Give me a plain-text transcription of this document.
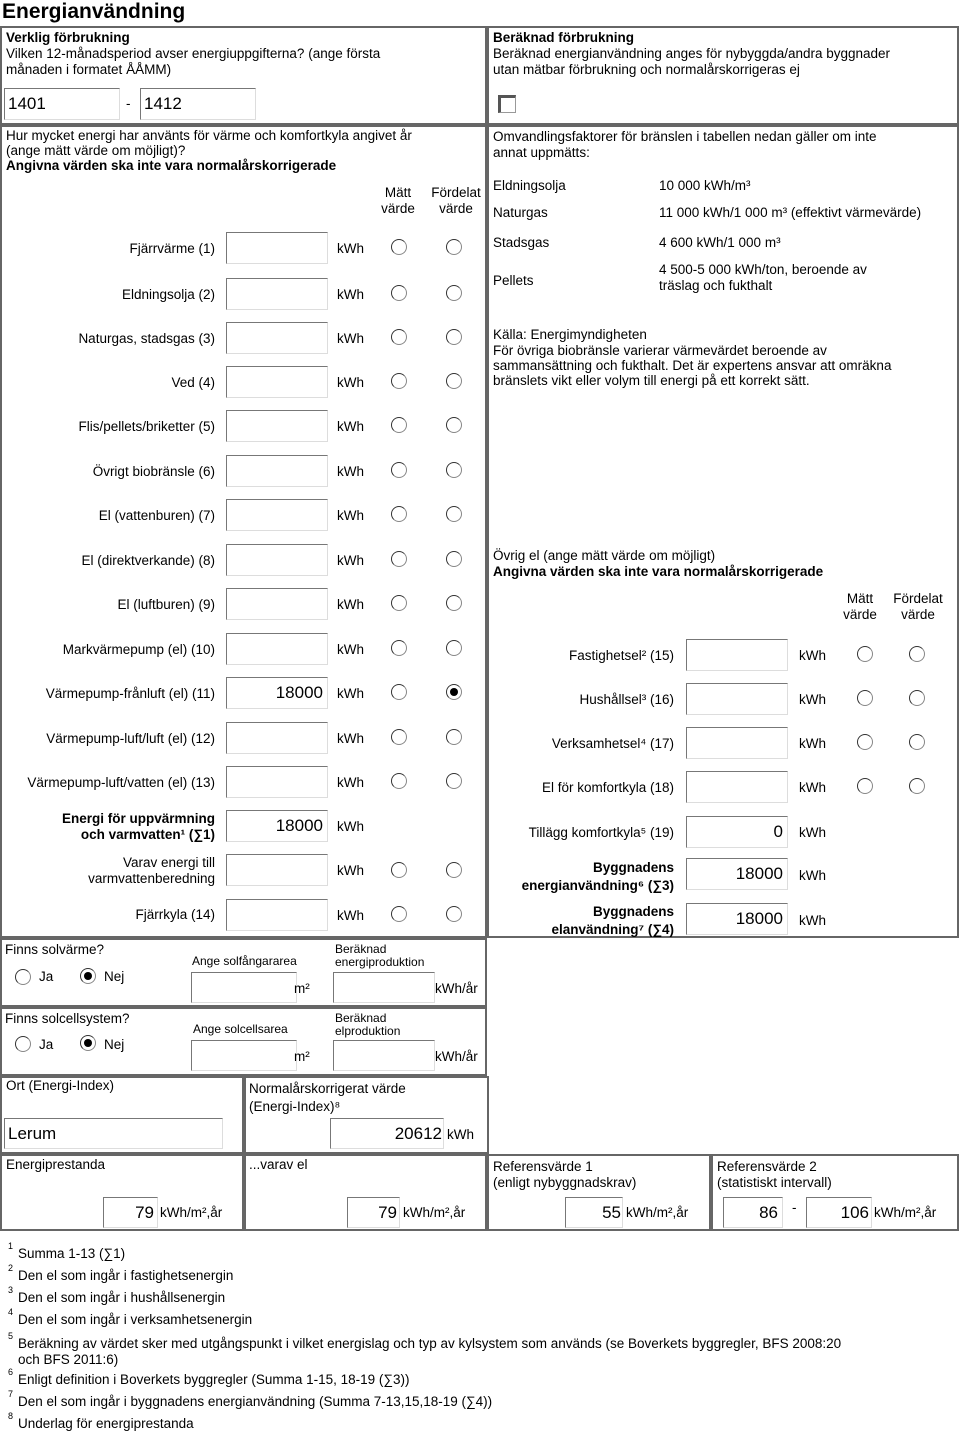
Energianvändning
Verklig förbrukning
Vilken 12-månadsperiod avser energiuppgifterna? (ange första
månaden i formatet ÅÅMM)
1401	- 1412
Beräknad förbrukning
Beräknad energianvändning anges för nybyggda/andra byggnader
utan mätbar förbrukning och normalårskorrigeras ej
Hur mycket energi har använts för värme och komfortkyla angivet år
(ange mätt värde om möjligt)?
Angivna värden ska inte vara normalårskorrigerade
Mätt
värde
Fördelat
värde
Fjärrvärme (1)	kWh
Eldningsolja (2)	kWh
Naturgas, stadsgas (3)	kWh
Ved (4)	kWh
Flis/pellets/briketter (5)	kWh
Övrigt biobränsle (6)	kWh
El (vattenburen) (7)	kWh
El (direktverkande) (8)	kWh
El (luftburen) (9)	kWh
Markvärmepump (el) (10)	kWh
Värmepump-frånluft (el) (11)	18000 kWh
Värmepump-luft/luft (el) (12)	kWh
Värmepump-luft/vatten (el) (13)	kWh
Energi för uppvärmning
och varmvatten¹ (∑1)	18000 kWh
Varav energi till
varmvattenberedning
kWh
Fjärrkyla (14)	kWh
Omvandlingsfaktorer för bränslen i tabellen nedan gäller om inte
annat uppmätts:
Eldningsolja	10 000 kWh/m³
Naturgas	11 000 kWh/1 000 m³ (effektivt värmevärde)
Stadsgas	4 600 kWh/1 000 m³
Pellets
4 500-5 000 kWh/ton, beroende av
träslag och fukthalt
Källa: Energimyndigheten
För övriga biobränsle varierar värmevärdet beroende av
sammansättning och fukthalt. Det är expertens ansvar att omräkna
bränslets vikt eller volym till energi på ett korrekt sätt.
Övrig el (ange mätt värde om möjligt)
Angivna värden ska inte vara normalårskorrigerade
Mätt
värde
Fördelat
värde
Fastighetsel² (15)	kWh
Hushållsel³ (16)	kWh
Verksamhetsel⁴ (17)	kWh
El för komfortkyla (18)	kWh
Tillägg komfortkyla⁵ (19)	0 kWh
Byggnadens
energianvändning⁶ (∑3)
18000 kWh
Byggnadens
elanvändning⁷ (∑4)
18000 kWh
Finns solvärme?
Ja	Nej
Ange solfångararea
m²
Beräknad
energiproduktion
kWh/år
Finns solcellsystem?
Ja	Nej
Ange solcellsarea
m²
Beräknad
elproduktion
kWh/år
Ort (Energi-Index)
Lerum
Normalårskorrigerat värde
(Energi-Index)⁸
20612 kWh
Energiprestanda
79 kWh/m²,år
...varav el
79 kWh/m²,år
Referensvärde 1
(enligt nybyggnadskrav)
55 kWh/m²,år
Referensvärde 2
(statistiskt intervall)
86 -	106 kWh/m²,år
1 Summa 1-13 (∑1)
2 Den el som ingår i fastighetsenergin
3 Den el som ingår i hushållsenergin
4 Den el som ingår i verksamhetsenergin
5 Beräkning av värdet sker med utgångspunkt i vilket energislag och typ av kylsystem som används (se Boverkets byggregler, BFS 2008:20
och BFS 2011:6)
6 Enligt definition i Boverkets byggregler (Summa 1-15, 18-19 (∑3))
7 Den el som ingår i byggnadens energianvändning (Summa 7-13,15,18-19 (∑4))
8 Underlag för energiprestanda
